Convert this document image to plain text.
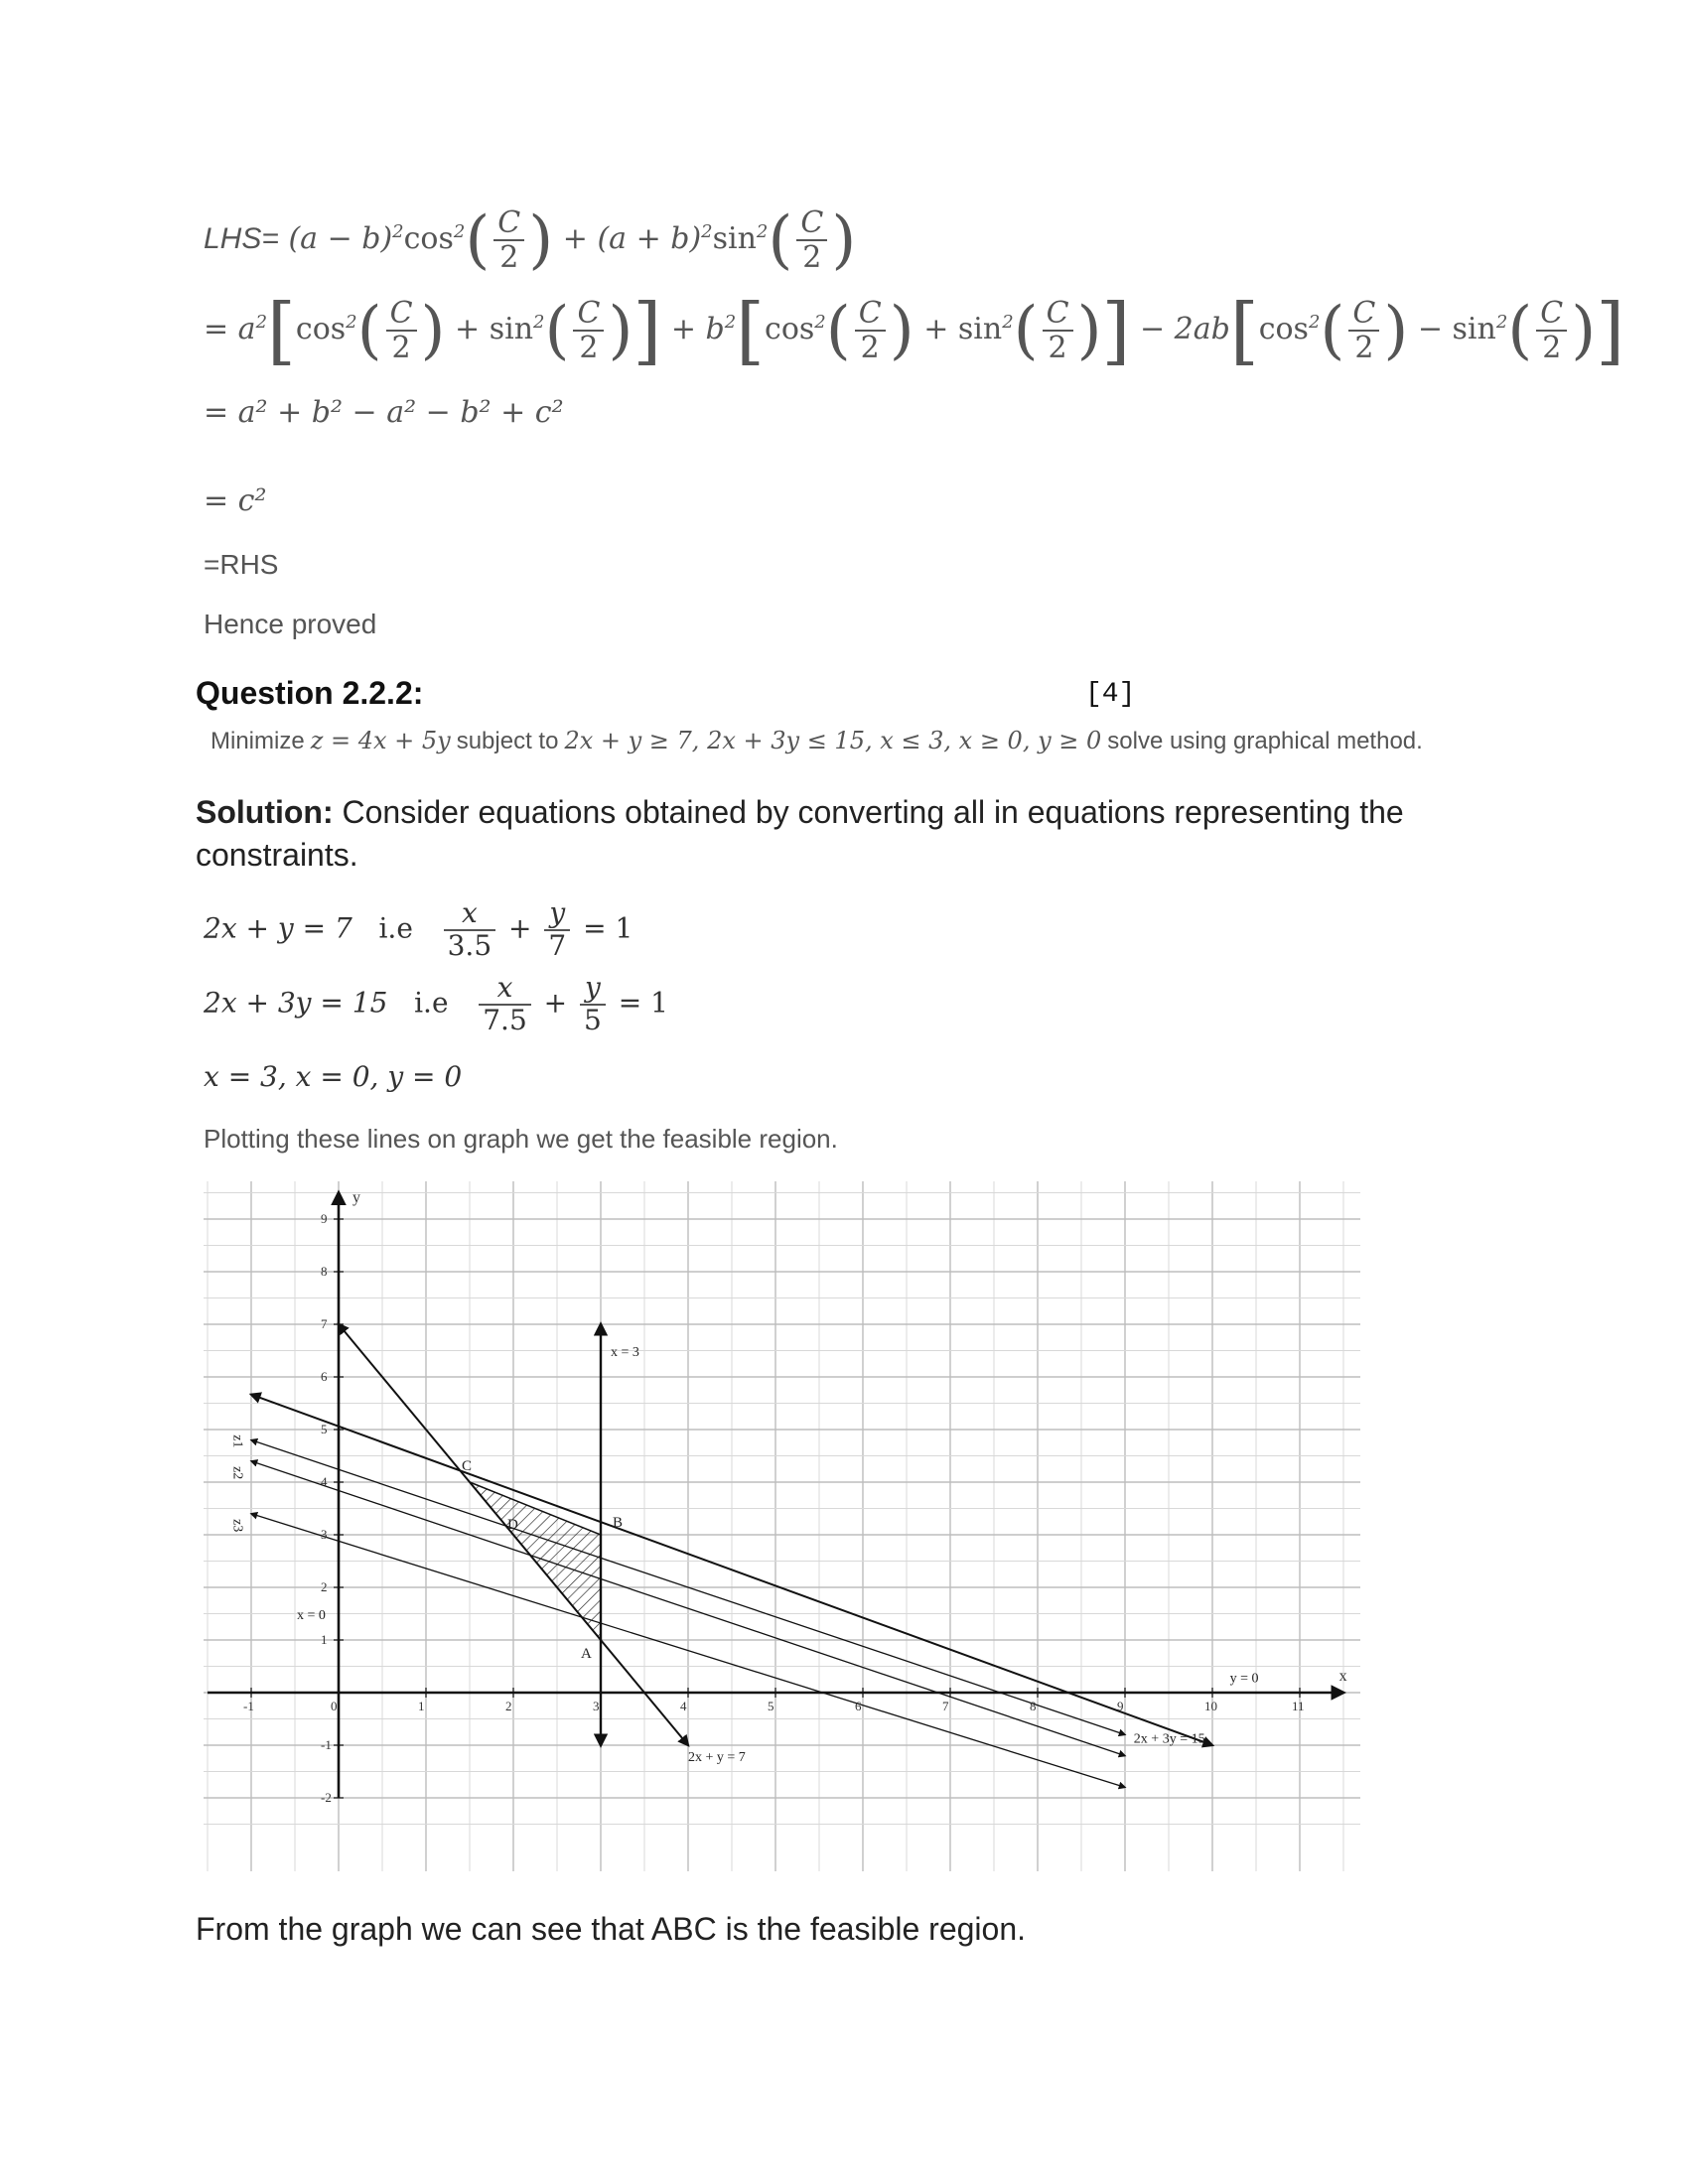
$LHS= (a - b)^2\cos^2( \frac{C}{2}$ ) + $(a + b)^2\sin^2( \frac{C}{2}$ )
= $a^2[\cos^2( \frac{C}{2}$ ) + $\sin^2( \frac{C}{2}$ )] + $b^2[\cos^2( \frac{C}{2}$ ) + $\sin^2( \frac{C}{2}$ )] − $2ab[\cos^2( \frac{C}{2}$ ) − $\sin^2( \frac{C}{2}$ )]
= a² + b² − a² − b² + c²
= c²
=RHS
Hence proved
Question 2.2.2:	[4]
Minimize z = 4x + 5y subject to 2x + y ≥ 7, 2x + 3y ≤ 15, x ≤ 3, x ≥ 0, y ≥ 0 solve using graphical method.
Solution: Consider equations obtained by converting all in equations representing the
constraints.
2x + y = 7 $i.e \frac{x}{3.5} + \frac{y}{7} = 1$
2x + 3y = 15 $i.e \frac{x}{7.5} + \frac{y}{5} = 1$
x = 3, x = 0, y = 0
Plotting these lines on graph we get the feasible region.
-1	0	1	2	3	4	5	6	7	8	9	10	11
-2
-1
1
2
3
4
5
6
7
8
9
x
y
A
B
C
D
x = 3
x = 0
y = 0
2x + y = 7
2x + 3y = 15
z1
z2
z3
From the graph we can see that ABC is the feasible region.
